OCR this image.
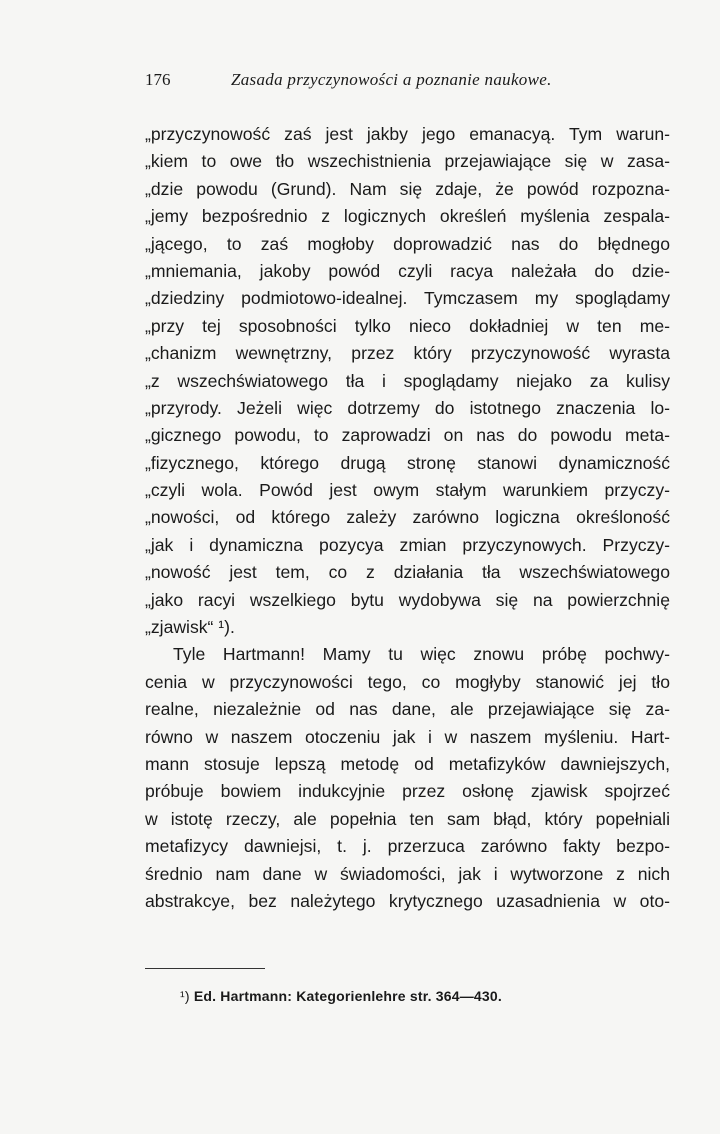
176	Zasada przyczynowości a poznanie naukowe.
„przyczynowość zaś jest jakby jego emanacyą. Tym warun-
„kiem to owe tło wszechistnienia przejawiające się w zasa-
„dzie powodu (Grund). Nam się zdaje, że powód rozpozna-
„jemy bezpośrednio z logicznych określeń myślenia zespala-
„jącego, to zaś mogłoby doprowadzić nas do błędnego
„mniemania, jakoby powód czyli racya należała do dzie-
„dziedziny podmiotowo-idealnej. Tymczasem my spoglądamy
„przy tej sposobności tylko nieco dokładniej w ten me-
„chanizm wewnętrzny, przez który przyczynowość wyrasta
„z wszechświatowego tła i spoglądamy niejako za kulisy
„przyrody. Jeżeli więc dotrzemy do istotnego znaczenia lo-
„gicznego powodu, to zaprowadzi on nas do powodu meta-
„fizycznego, którego drugą stronę stanowi dynamiczność
„czyli wola. Powód jest owym stałym warunkiem przyczy-
„nowości, od którego zależy zarówno logiczna określoność
„jak i dynamiczna pozycya zmian przyczynowych. Przyczy-
„nowość jest tem, co z działania tła wszechświatowego
„jako racyi wszelkiego bytu wydobywa się na powierzchnię
„zjawisk“ ¹).
Tyle Hartmann! Mamy tu więc znowu próbę pochwy-
cenia w przyczynowości tego, co mogłyby stanowić jej tło
realne, niezależnie od nas dane, ale przejawiające się za-
równo w naszem otoczeniu jak i w naszem myśleniu. Hart-
mann stosuje lepszą metodę od metafizyków dawniejszych,
próbuje bowiem indukcyjnie przez osłonę zjawisk spojrzeć
w istotę rzeczy, ale popełnia ten sam błąd, który popełniali
metafizycy dawniejsi, t. j. przerzuca zarówno fakty bezpo-
średnio nam dane w świadomości, jak i wytworzone z nich
abstrakcye, bez należytego krytycznego uzasadnienia w oto-
¹) Ed. Hartmann: Kategorienlehre str. 364—430.
